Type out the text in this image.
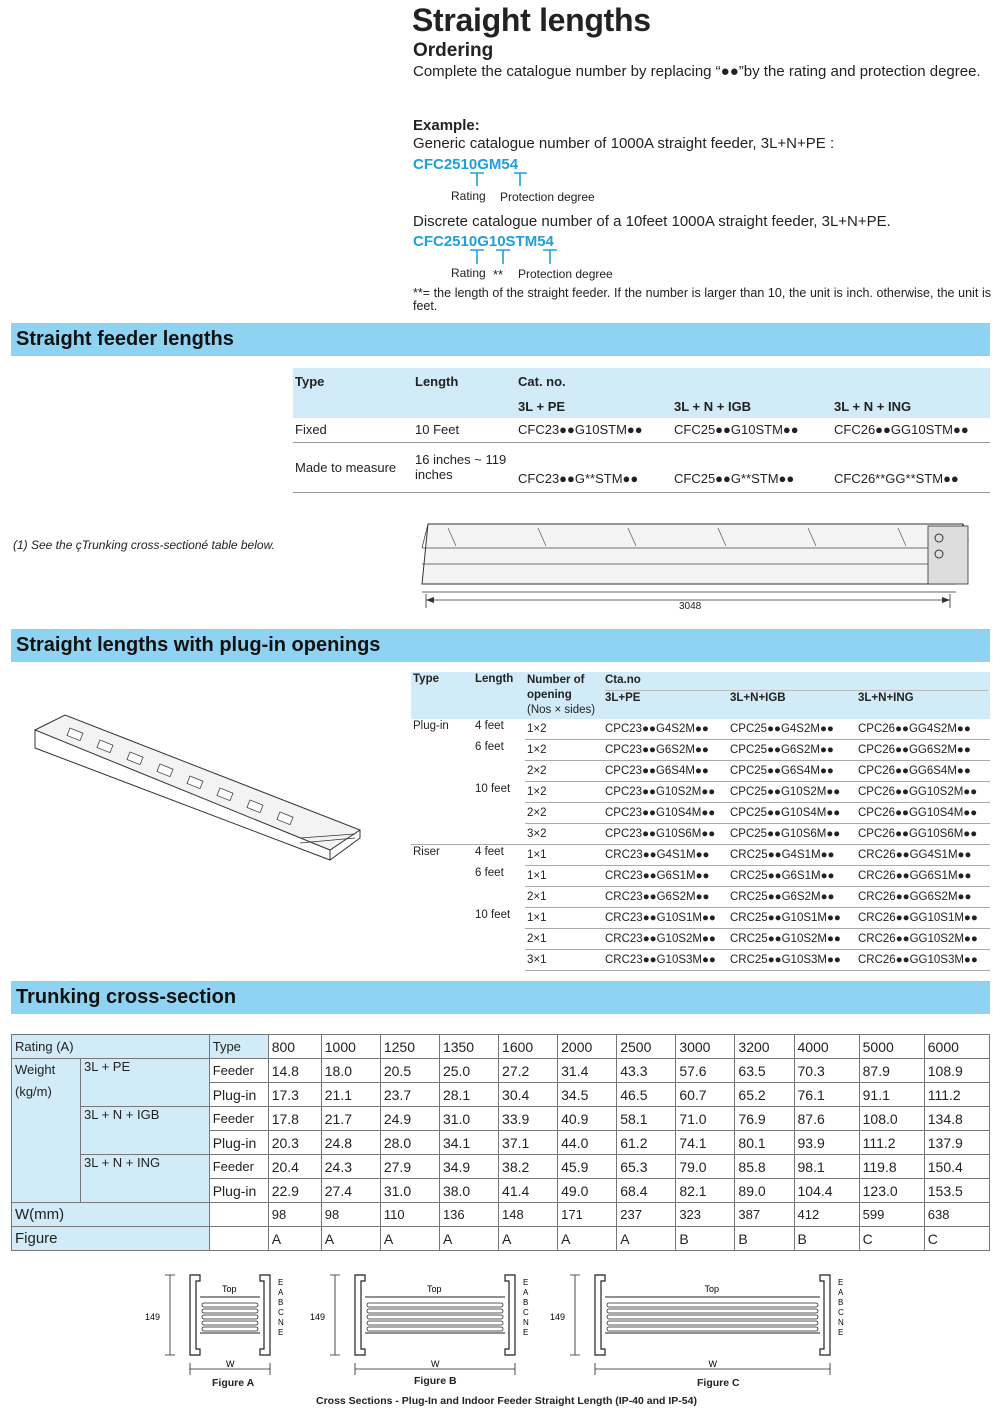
Straight lengths
Ordering
Complete the catalogue number by replacing “●●”by the rating and protection degree.
Example:
Generic catalogue number of 1000A straight feeder, 3L+N+PE :
CFC2510GM54
Rating Protection degree
Discrete catalogue number of a 10feet 1000A straight feeder, 3L+N+PE.
CFC2510G10STM54
Rating ** Protection degree
**= the length of the straight feeder. If the number is larger than 10, the unit is inch. otherwise, the unit is feet.
Straight feeder lengths
Type	Length	Cat. no.		
		3L + PE	3L + N + IGB	3L + N + ING
Fixed	10 Feet	CFC23●●G10STM●●	CFC25●●G10STM●●	CFC26●●GG10STM●●
Made to measure	16 inches ~ 119 inches	CFC23●●G**STM●●	CFC25●●G**STM●●	CFC26**GG**STM●●
(1) See the çTrunking cross-sectioné table below.
3048
Straight lengths with plug-in openings
Type	Length	Number of opening
(Nos × sides)	Cta.no
3L+PE 3L+N+IGB 3L+N+ING		

Plug-in	4 feet	1×2	CPC23●●G4S2M●●	CPC25●●G4S2M●●	CPC26●●GG4S2M●●
	6 feet	1×2	CPC23●●G6S2M●●	CPC25●●G6S2M●●	CPC26●●GG6S2M●●
		2×2	CPC23●●G6S4M●●	CPC25●●G6S4M●●	CPC26●●GG6S4M●●
	10 feet	1×2	CPC23●●G10S2M●●	CPC25●●G10S2M●●	CPC26●●GG10S2M●●
		2×2	CPC23●●G10S4M●●	CPC25●●G10S4M●●	CPC26●●GG10S4M●●
		3×2	CPC23●●G10S6M●●	CPC25●●G10S6M●●	CPC26●●GG10S6M●●
Riser	4 feet	1×1	CRC23●●G4S1M●●	CRC25●●G4S1M●●	CRC26●●GG4S1M●●
	6 feet	1×1	CRC23●●G6S1M●●	CRC25●●G6S1M●●	CRC26●●GG6S1M●●
		2×1	CRC23●●G6S2M●●	CRC25●●G6S2M●●	CRC26●●GG6S2M●●
	10 feet	1×1	CRC23●●G10S1M●●	CRC25●●G10S1M●●	CRC26●●GG10S1M●●
		2×1	CRC23●●G10S2M●●	CRC25●●G10S2M●●	CRC26●●GG10S2M●●
		3×1	CRC23●●G10S3M●●	CRC25●●G10S3M●●	CRC26●●GG10S3M●●
Trunking cross-section
Rating (A)		Type	800	1000	1250	1350	1600	2000	2500	3000	3200	4000	5000	6000
Weight
(kg/m)	3L + PE	Feeder	14.8	18.0	20.5	25.0	27.2	31.4	43.3	57.6	63.5	70.3	87.9	108.9
		Plug-in	17.3	21.1	23.7	28.1	30.4	34.5	46.5	60.7	65.2	76.1	91.1	111.2
	3L + N + IGB	Feeder	17.8	21.7	24.9	31.0	33.9	40.9	58.1	71.0	76.9	87.6	108.0	134.8
		Plug-in	20.3	24.8	28.0	34.1	37.1	44.0	61.2	74.1	80.1	93.9	111.2	137.9
	3L + N + ING	Feeder	20.4	24.3	27.9	34.9	38.2	45.9	65.3	79.0	85.8	98.1	119.8	150.4
		Plug-in	22.9	27.4	31.0	38.0	41.4	49.0	68.4	82.1	89.0	104.4	123.0	153.5
W(mm)			98	98	110	136	148	171	237	323	387	412	599	638
Figure			A	A	A	A	A	A	A	B	B	B	C	C
149
Top
W
E
A
B
C
N
E
149
Top
W
E
A
B
C
N
E
149
Top
W
E
A
B
C
N
E
Figure A	Figure B	Figure C
Cross Sections - Plug-In and Indoor Feeder Straight Length (IP-40 and IP-54)
